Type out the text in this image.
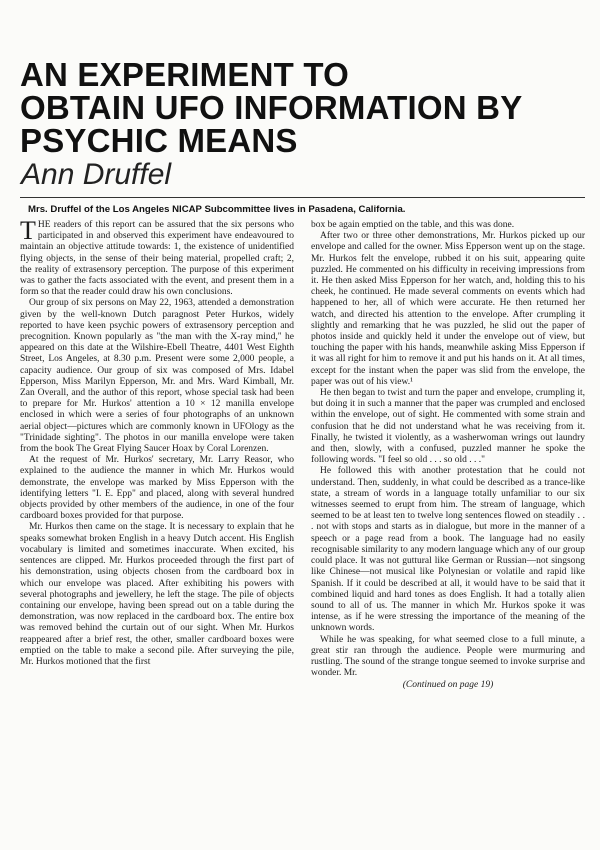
AN EXPERIMENT TO
OBTAIN UFO INFORMATION BY
PSYCHIC MEANS
Ann Druffel
Mrs. Druffel of the Los Angeles NICAP Subcommittee lives in Pasadena, California.

THE readers of this report can be assured that the six persons who participated in and observed this experiment have endeavoured to maintain an objective attitude towards: 1, the existence of unidentified flying objects, in the sense of their being material, propelled craft; 2, the reality of extrasensory perception. The purpose of this experiment was to gather the facts associated with the event, and present them in a form so that the reader could draw his own conclusions.

Our group of six persons on May 22, 1963, attended a demonstration given by the well-known Dutch paragnost Peter Hurkos, widely reported to have keen psychic powers of extrasensory perception and precognition. Known popularly as "the man with the X-ray mind," he appeared on this date at the Wilshire-Ebell Theatre, 4401 West Eighth Street, Los Angeles, at 8.30 p.m. Present were some 2,000 people, a capacity audience. Our group of six was composed of Mrs. Idabel Epperson, Miss Marilyn Epperson, Mr. and Mrs. Ward Kimball, Mr. Zan Overall, and the author of this report, whose special task had been to prepare for Mr. Hurkos' attention a 10 × 12 manilla envelope enclosed in which were a series of four photographs of an unknown aerial object—pictures which are commonly known in UFOlogy as the "Trinidade sighting". The photos in our manilla envelope were taken from the book The Great Flying Saucer Hoax by Coral Lorenzen.

At the request of Mr. Hurkos' secretary, Mr. Larry Reasor, who explained to the audience the manner in which Mr. Hurkos would demonstrate, the envelope was marked by Miss Epperson with the identifying letters "I. E. Epp" and placed, along with several hundred objects provided by other members of the audience, in one of the four cardboard boxes provided for that purpose.

Mr. Hurkos then came on the stage. It is necessary to explain that he speaks somewhat broken English in a heavy Dutch accent. His English vocabulary is limited and sometimes inaccurate. When excited, his sentences are clipped. Mr. Hurkos proceeded through the first part of his demonstration, using objects chosen from the cardboard box in which our envelope was placed. After exhibiting his powers with several photographs and jewellery, he left the stage. The pile of objects containing our envelope, having been spread out on a table during the demonstration, was now replaced in the cardboard box. The entire box was removed behind the curtain out of our sight. When Mr. Hurkos reappeared after a brief rest, the other, smaller cardboard boxes were emptied on the table to make a second pile. After surveying the pile, Mr. Hurkos motioned that the first

box be again emptied on the table, and this was done.

After two or three other demonstrations, Mr. Hurkos picked up our envelope and called for the owner. Miss Epperson went up on the stage. Mr. Hurkos felt the envelope, rubbed it on his suit, appearing quite puzzled. He commented on his difficulty in receiving impressions from it. He then asked Miss Epperson for her watch, and, holding this to his cheek, he continued. He made several comments on events which had happened to her, all of which were accurate. He then returned her watch, and directed his attention to the envelope. After crumpling it slightly and remarking that he was puzzled, he slid out the paper of photos inside and quickly held it under the envelope out of view, but touching the paper with his hands, meanwhile asking Miss Epperson if it was all right for him to remove it and put his hands on it. At all times, except for the instant when the paper was slid from the envelope, the paper was out of his view.¹

He then began to twist and turn the paper and envelope, crumpling it, but doing it in such a manner that the paper was crumpled and enclosed within the envelope, out of sight. He commented with some strain and confusion that he did not understand what he was receiving from it. Finally, he twisted it violently, as a washerwoman wrings out laundry and then, slowly, with a confused, puzzled manner he spoke the following words. "I feel so old . . . so old . . ."

He followed this with another protestation that he could not understand. Then, suddenly, in what could be described as a trance-like state, a stream of words in a language totally unfamiliar to our six witnesses seemed to erupt from him. The stream of language, which seemed to be at least ten to twelve long sentences flowed on steadily . . . not with stops and starts as in dialogue, but more in the manner of a speech or a page read from a book. The language had no easily recognisable similarity to any modern language which any of our group could place. It was not guttural like German or Russian—not singsong like Chinese—not musical like Polynesian or volatile and rapid like Spanish. If it could be described at all, it would have to be said that it combined liquid and hard tones as does English. It had a totally alien sound to all of us. The manner in which Mr. Hurkos spoke it was intense, as if he were stressing the importance of the meaning of the unknown words.

While he was speaking, for what seemed close to a full minute, a great stir ran through the audience. People were murmuring and rustling. The sound of the strange tongue seemed to invoke surprise and wonder. Mr.

(Continued on page 19)
